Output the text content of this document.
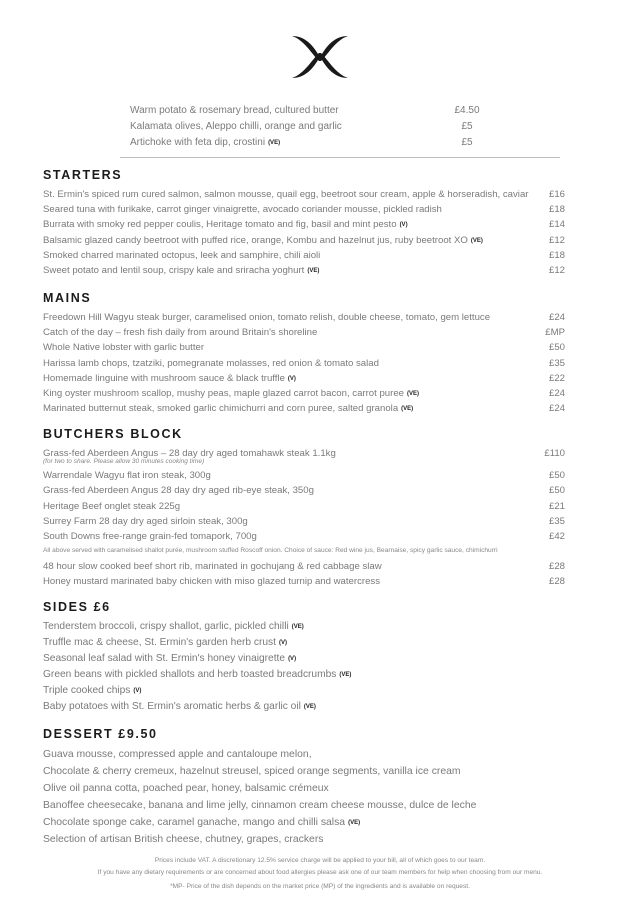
Warm potato & rosemary bread, cultured butter	£4.50
Kalamata olives, Aleppo chilli, orange and garlic	£5
Artichoke with feta dip, crostini (VE)	£5
STARTERS
St. Ermin's spiced rum cured salmon, salmon mousse, quail egg, beetroot sour cream, apple & horseradish, caviar	£16
Seared tuna with furikake, carrot ginger vinaigrette, avocado coriander mousse, pickled radish	£18
Burrata with smoky red pepper coulis, Heritage tomato and fig, basil and mint pesto (V)	£14
Balsamic glazed candy beetroot with puffed rice, orange, Kombu and hazelnut jus, ruby beetroot XO (VE)	£12
Smoked charred marinated octopus, leek and samphire, chili aioli	£18
Sweet potato and lentil soup, crispy kale and sriracha yoghurt (VE)	£12
MAINS
Freedown Hill Wagyu steak burger, caramelised onion, tomato relish, double cheese, tomato, gem lettuce	£24
Catch of the day – fresh fish daily from around Britain's shoreline	£MP
Whole Native lobster with garlic butter	£50
Harissa lamb chops, tzatziki, pomegranate molasses, red onion & tomato salad	£35
Homemade linguine with mushroom sauce & black truffle (V)	£22
King oyster mushroom scallop, mushy peas, maple glazed carrot bacon, carrot puree (VE)	£24
Marinated butternut steak, smoked garlic chimichurri and corn puree, salted granola (VE)	£24
BUTCHERS BLOCK
Grass-fed Aberdeen Angus – 28 day dry aged tomahawk steak 1.1kg	£110
(for two to share. Please allow 30 minutes cooking time)
Warrendale Wagyu flat iron steak, 300g	£50
Grass-fed Aberdeen Angus 28 day dry aged rib-eye steak, 350g	£50
Heritage Beef onglet steak 225g	£21
Surrey Farm 28 day dry aged sirloin steak, 300g	£35
South Downs free-range grain-fed tomapork, 700g	£42
All above served with caramelised shallot purée, mushroom stuffed Roscoff onion. Choice of sauce: Red wine jus, Bearnaise, spicy garlic sauce, chimichurri
48 hour slow cooked beef short rib, marinated in gochujang & red cabbage slaw	£28
Honey mustard marinated baby chicken with miso glazed turnip and watercress	£28
SIDES £6
Tenderstem broccoli, crispy shallot, garlic, pickled chilli (VE)
Truffle mac & cheese, St. Ermin's garden herb crust (V)
Seasonal leaf salad with St. Ermin's honey vinaigrette (V)
Green beans with pickled shallots and herb toasted breadcrumbs (VE)
Triple cooked chips (V)
Baby potatoes with St. Ermin's aromatic herbs & garlic oil (VE)
DESSERT £9.50
Guava mousse, compressed apple and cantaloupe melon,
Chocolate & cherry cremeux, hazelnut streusel, spiced orange segments, vanilla ice cream
Olive oil panna cotta, poached pear, honey, balsamic crémeux
Banoffee cheesecake, banana and lime jelly, cinnamon cream cheese mousse, dulce de leche
Chocolate sponge cake, caramel ganache, mango and chilli salsa (VE)
Selection of artisan British cheese, chutney, grapes, crackers
Prices include VAT. A discretionary 12.5% service charge will be applied to your bill, all of which goes to our team.
If you have any dietary requirements or are concerned about food allergies please ask one of our team members for help when choosing from our menu.
*MP- Price of the dish depends on the market price (MP) of the ingredients and is available on request.
